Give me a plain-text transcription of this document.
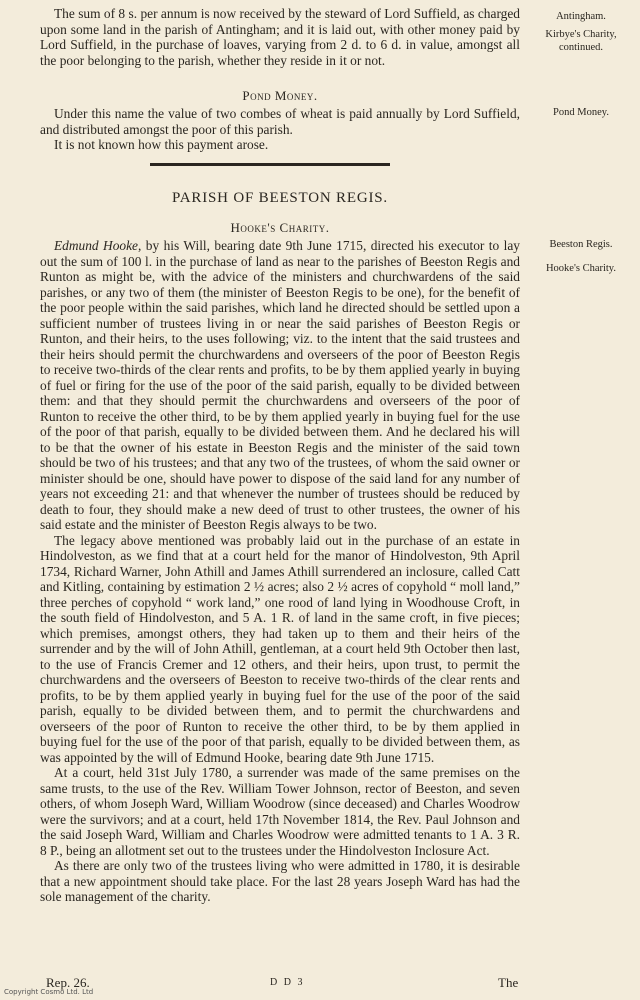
The sum of 8 s. per annum is now received by the steward of Lord Suffield, as charged upon some land in the parish of Antingham; and it is laid out, with other money paid by Lord Suffield, in the purchase of loaves, varying from 2 d. to 6 d. in value, amongst all the poor belonging to the parish, whether they reside in it or not.

Pond Money.

Under this name the value of two combes of wheat is paid annually by Lord Suffield, and distributed amongst the poor of this parish.

It is not known how this payment arose.

PARISH OF BEESTON REGIS.
Hooke's Charity.

Edmund Hooke, by his Will, bearing date 9th June 1715, directed his executor to lay out the sum of 100 l. in the purchase of land as near to the parishes of Beeston Regis and Runton as might be, with the advice of the ministers and churchwardens of the said parishes, or any two of them (the minister of Beeston Regis to be one), for the benefit of the poor people within the said parishes, which land he directed should be settled upon a sufficient number of trustees living in or near the said parishes of Beeston Regis or Runton, and their heirs, to the uses following; viz. to the intent that the said trustees and their heirs should permit the churchwardens and overseers of the poor of Beeston Regis to receive two-thirds of the clear rents and profits, to be by them applied yearly in buying of fuel or firing for the use of the poor of the said parish, equally to be divided between them: and that they should permit the churchwardens and overseers of the poor of Runton to receive the other third, to be by them applied yearly in buying fuel for the use of the poor of that parish, equally to be divided between them. And he declared his will to be that the owner of his estate in Beeston Regis and the minister of the said town should be two of his trustees; and that any two of the trustees, of whom the said owner or minister should be one, should have power to dispose of the said land for any number of years not exceeding 21: and that whenever the number of trustees should be reduced by death to four, they should make a new deed of trust to other trustees, the owner of his said estate and the minister of Beeston Regis always to be two.

The legacy above mentioned was probably laid out in the purchase of an estate in Hindolveston, as we find that at a court held for the manor of Hindolveston, 9th April 1734, Richard Warner, John Athill and James Athill surrendered an inclosure, called Catt and Kitling, containing by estimation 2 ½ acres; also 2 ½ acres of copyhold “ moll land,” three perches of copyhold “ work land,” one rood of land lying in Woodhouse Croft, in the south field of Hindolveston, and 5 A. 1 R. of land in the same croft, in five pieces; which premises, amongst others, they had taken up to them and their heirs of the surrender and by the will of John Athill, gentleman, at a court held 9th October then last, to the use of Francis Cremer and 12 others, and their heirs, upon trust, to permit the churchwardens and the overseers of Beeston to receive two-thirds of the clear rents and profits, to be by them applied yearly in buying fuel for the use of the poor of the said parish, equally to be divided between them, and to permit the churchwardens and overseers of the poor of Runton to receive the other third, to be by them applied in buying fuel for the use of the poor of that parish, equally to be divided between them, as was appointed by the will of Edmund Hooke, bearing date 9th June 1715.

At a court, held 31st July 1780, a surrender was made of the same premises on the same trusts, to the use of the Rev. William Tower Johnson, rector of Beeston, and seven others, of whom Joseph Ward, William Woodrow (since deceased) and Charles Woodrow were the survivors; and at a court, held 17th November 1814, the Rev. Paul Johnson and the said Joseph Ward, William and Charles Woodrow were admitted tenants to 1 A. 3 R. 8 P., being an allotment set out to the trustees under the Hindolveston Inclosure Act.

As there are only two of the trustees living who were admitted in 1780, it is desirable that a new appointment should take place. For the last 28 years Joseph Ward has had the sole management of the charity.

Antingham.
Kirbye's Charity,
continued.
Pond Money.
Beeston Regis.
Hooke's Charity.
Rep. 26.	D D 3	The
Copyright Cosmo Ltd. Ltd
